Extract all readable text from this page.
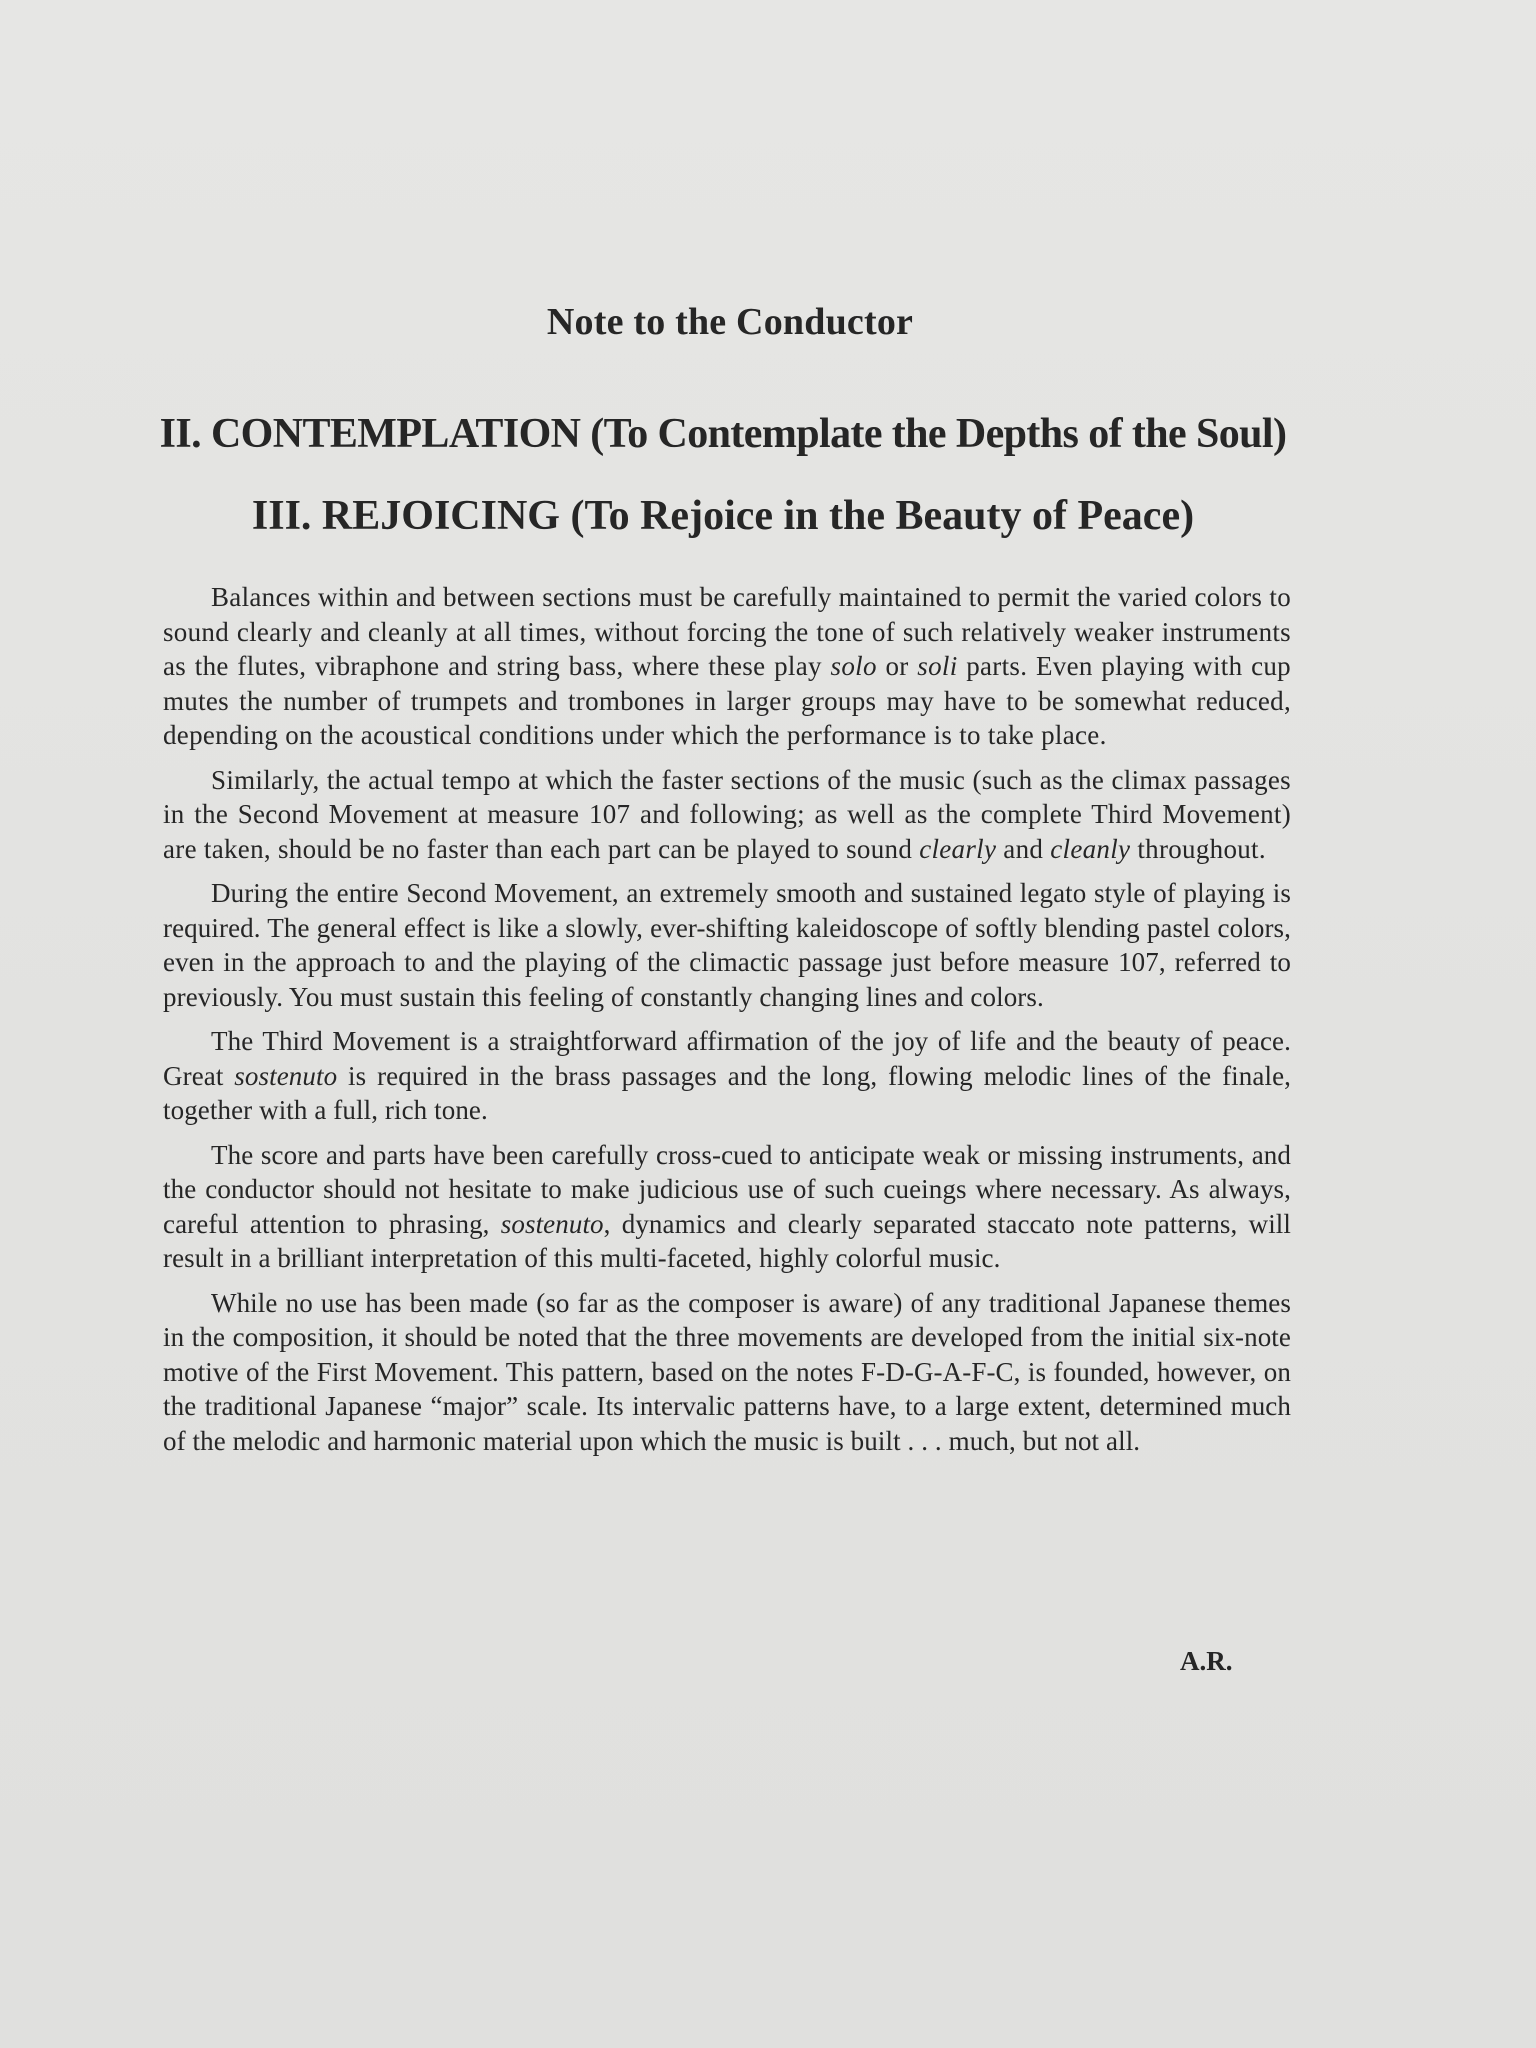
Note to the Conductor
II. CONTEMPLATION (To Contemplate the Depths of the Soul)
III. REJOICING (To Rejoice in the Beauty of Peace)

Balances within and between sections must be carefully maintained to permit the varied colors to sound clearly and cleanly at all times, without forcing the tone of such relatively weaker instruments as the flutes, vibraphone and string bass, where these play solo or soli parts. Even playing with cup mutes the number of trumpets and trombones in larger groups may have to be somewhat reduced, depending on the acoustical conditions under which the performance is to take place.

Similarly, the actual tempo at which the faster sections of the music (such as the climax passages in the Second Movement at measure 107 and following; as well as the complete Third Movement) are taken, should be no faster than each part can be played to sound clearly and cleanly throughout.

During the entire Second Movement, an extremely smooth and sustained legato style of playing is required. The general effect is like a slowly, ever-shifting kaleidoscope of softly blending pastel colors, even in the approach to and the playing of the climactic passage just before measure 107, referred to previously. You must sustain this feeling of constantly changing lines and colors.

The Third Movement is a straightforward affirmation of the joy of life and the beauty of peace. Great sostenuto is required in the brass passages and the long, flowing melodic lines of the finale, together with a full, rich tone.

The score and parts have been carefully cross-cued to anticipate weak or missing instruments, and the conductor should not hesitate to make judicious use of such cueings where necessary. As always, careful attention to phrasing, sostenuto, dynamics and clearly separated staccato note patterns, will result in a brilliant interpretation of this multi-faceted, highly colorful music.

While no use has been made (so far as the composer is aware) of any traditional Japanese themes in the composition, it should be noted that the three movements are developed from the initial six-note motive of the First Movement. This pattern, based on the notes F-D-G-A-F-C, is founded, however, on the traditional Japanese “major” scale. Its intervalic patterns have, to a large extent, determined much of the melodic and harmonic material upon which the music is built . . . much, but not all.

A.R.
